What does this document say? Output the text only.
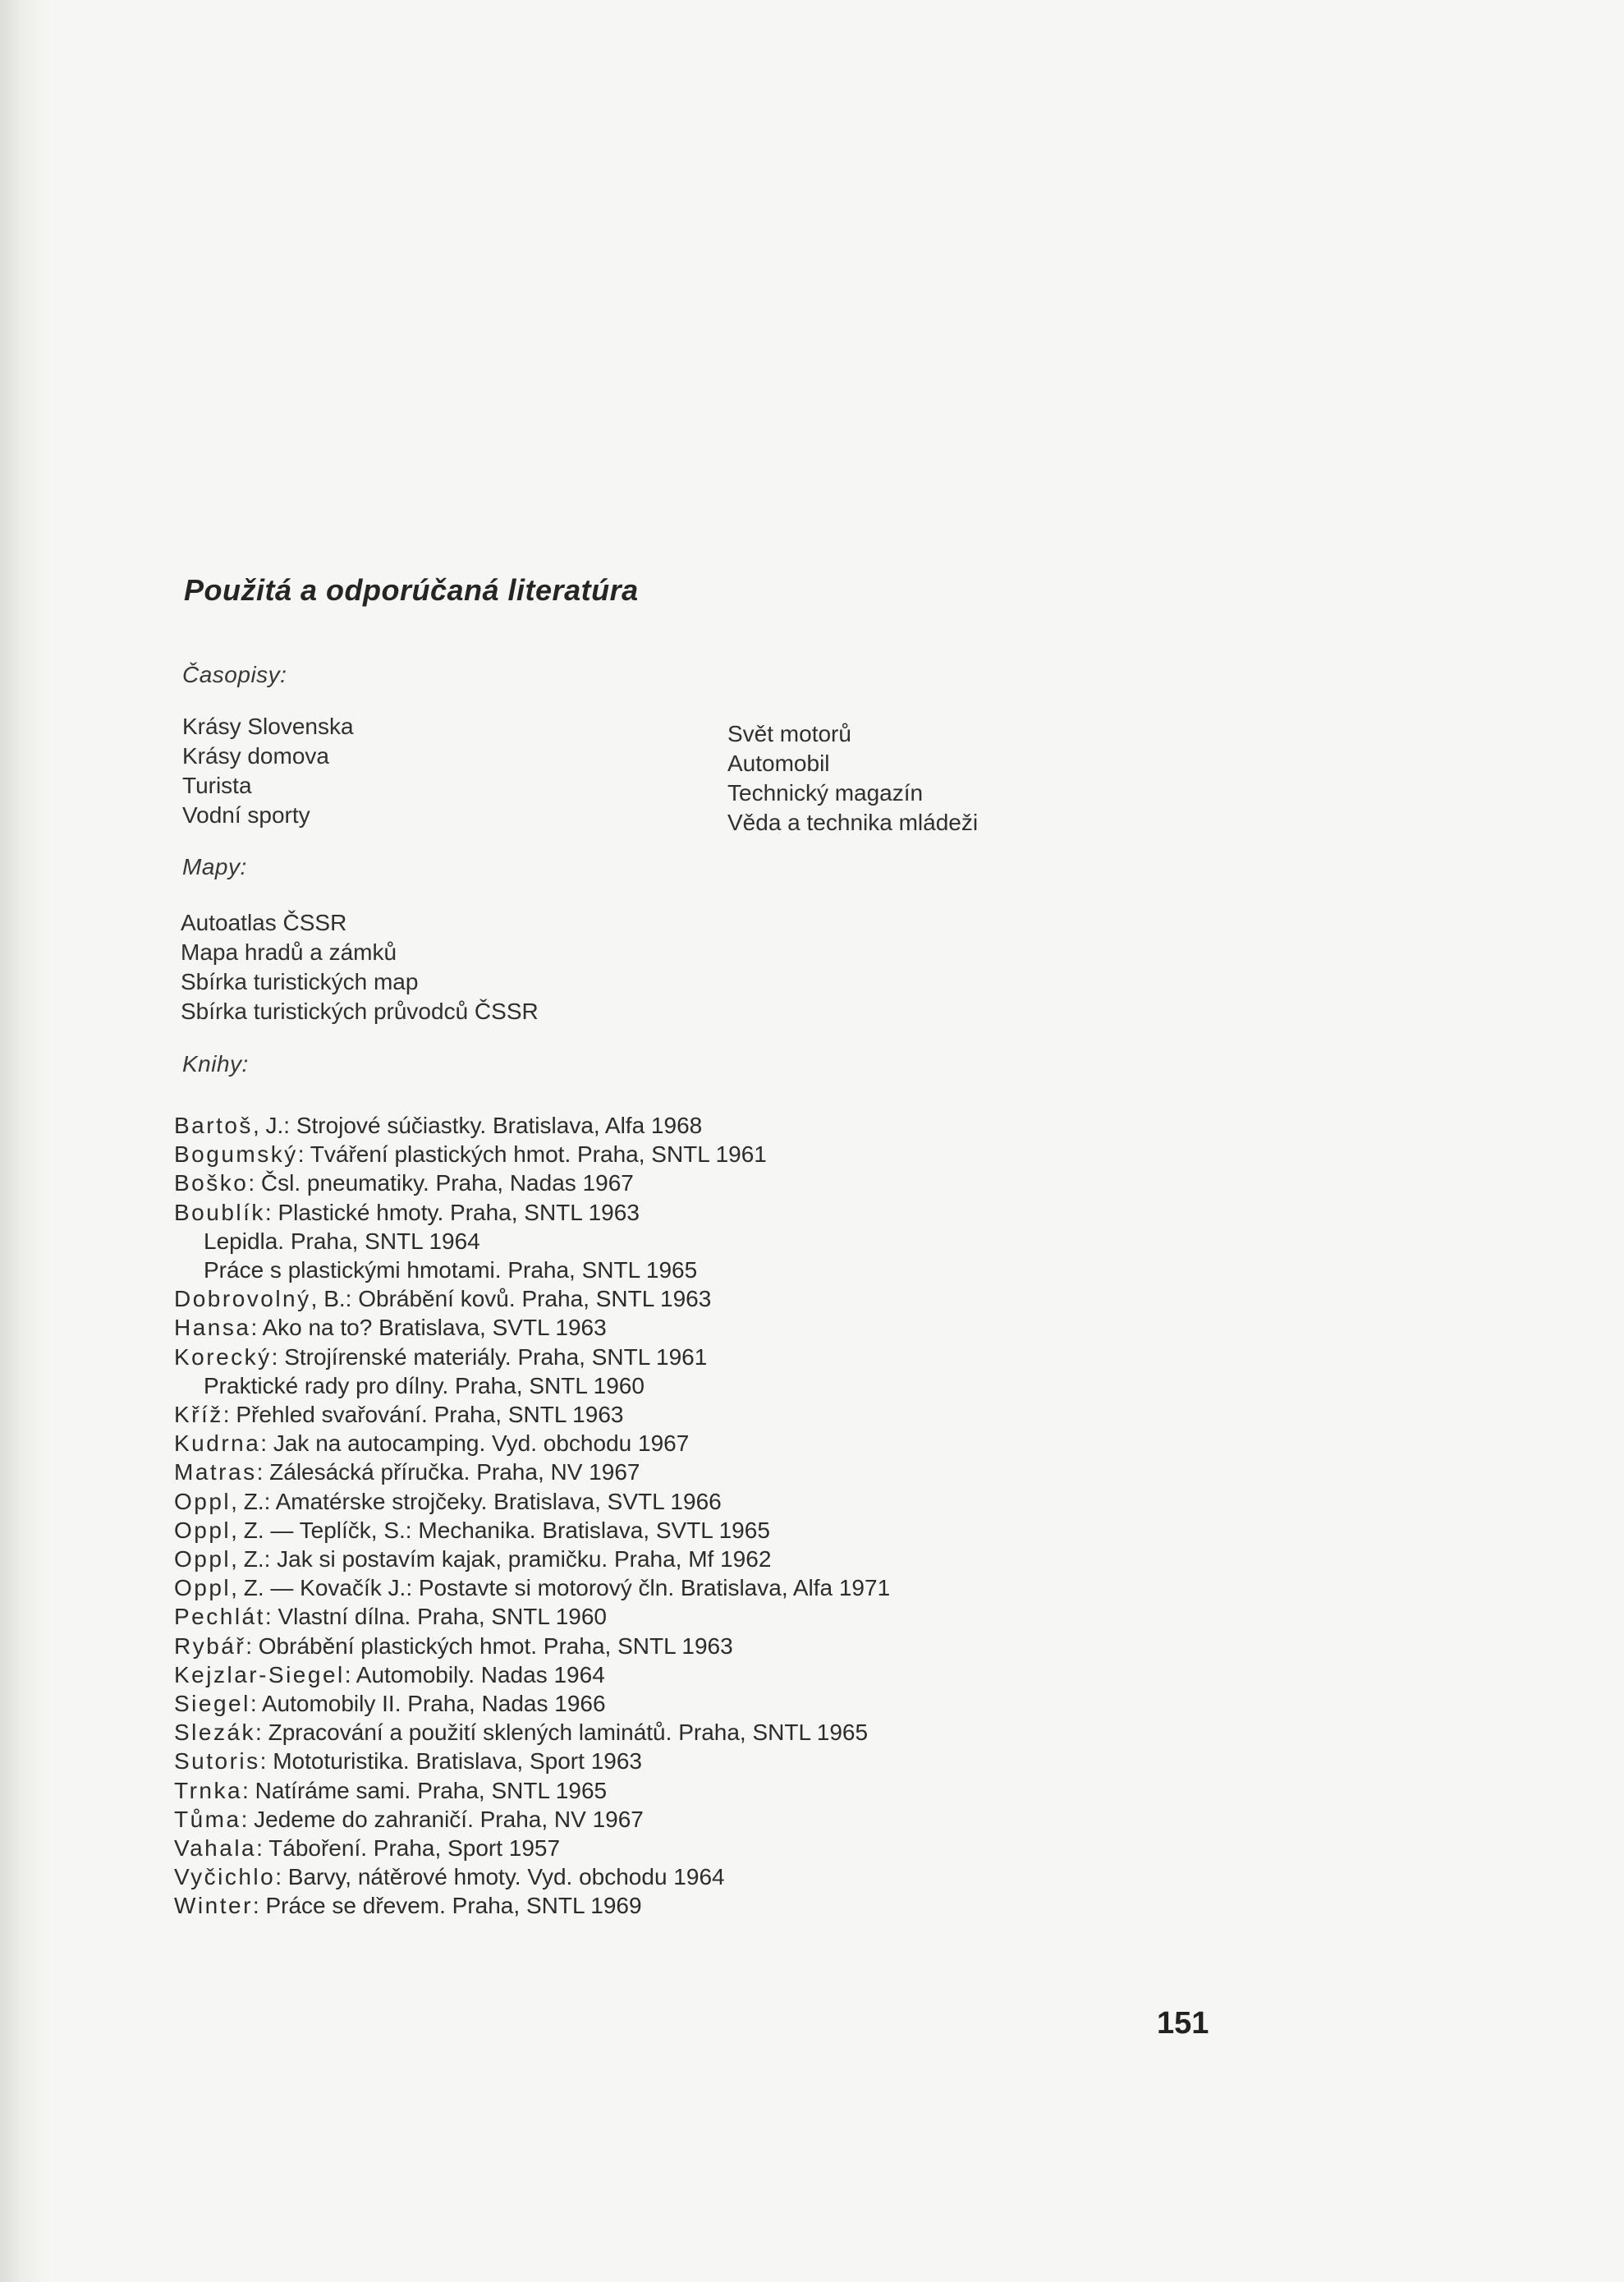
Použitá a odporúčaná literatúra

Časopisy:

Krásy Slovenska
Krásy domova
Turista
Vodní sporty
Svět motorů
Automobil
Technický magazín
Věda a technika mládeži

Mapy:

Autoatlas ČSSR
Mapa hradů a zámků
Sbírka turistických map
Sbírka turistických průvodců ČSSR

Knihy:

Bartoš, J.: Strojové súčiastky. Bratislava, Alfa 1968
Bogumský: Tváření plastických hmot. Praha, SNTL 1961
Boško: Čsl. pneumatiky. Praha, Nadas 1967
Boublík: Plastické hmoty. Praha, SNTL 1963
Lepidla. Praha, SNTL 1964
Práce s plastickými hmotami. Praha, SNTL 1965
Dobrovolný, B.: Obrábění kovů. Praha, SNTL 1963
Hansa: Ako na to? Bratislava, SVTL 1963
Korecký: Strojírenské materiály. Praha, SNTL 1961
Praktické rady pro dílny. Praha, SNTL 1960
Kříž: Přehled svařování. Praha, SNTL 1963
Kudrna: Jak na autocamping. Vyd. obchodu 1967
Matras: Zálesácká příručka. Praha, NV 1967
Oppl, Z.: Amatérske strojčeky. Bratislava, SVTL 1966
Oppl, Z. — Teplíčk, S.: Mechanika. Bratislava, SVTL 1965
Oppl, Z.: Jak si postavím kajak, pramičku. Praha, Mf 1962
Oppl, Z. — Kovačík J.: Postavte si motorový čln. Bratislava, Alfa 1971
Pechlát: Vlastní dílna. Praha, SNTL 1960
Rybář: Obrábění plastických hmot. Praha, SNTL 1963
Kejzlar-Siegel: Automobily. Nadas 1964
Siegel: Automobily II. Praha, Nadas 1966
Slezák: Zpracování a použití sklených laminátů. Praha, SNTL 1965
Sutoris: Mototuristika. Bratislava, Sport 1963
Trnka: Natíráme sami. Praha, SNTL 1965
Tůma: Jedeme do zahraničí. Praha, NV 1967
Vahala: Táboření. Praha, Sport 1957
Vyčichlo: Barvy, nátěrové hmoty. Vyd. obchodu 1964
Winter: Práce se dřevem. Praha, SNTL 1969

151
